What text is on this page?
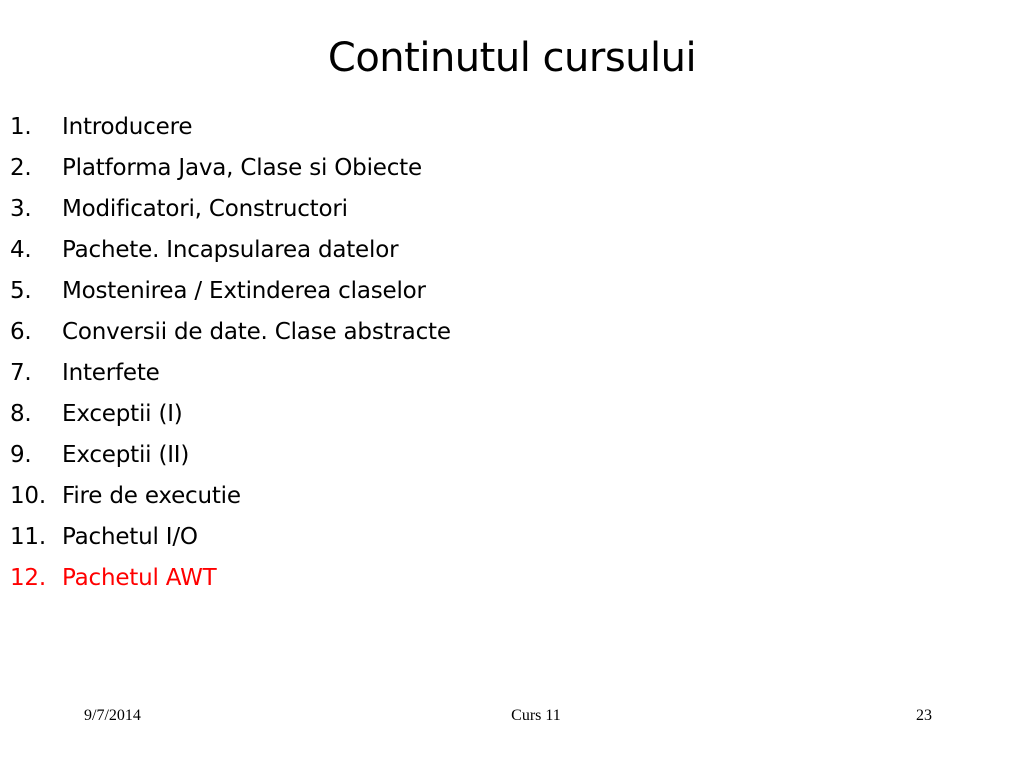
Continutul cursului
1.	Introducere
2.	Platforma Java, Clase si Obiecte
3.	Modificatori, Constructori
4.	Pachete. Incapsularea datelor
5.	Mostenirea / Extinderea claselor
6.	Conversii de date. Clase abstracte
7.	Interfete
8.	Exceptii (I)
9.	Exceptii (II)
10. Fire de executie
11. Pachetul I/O
12. Pachetul AWT
9/7/2014	Curs 11	23
